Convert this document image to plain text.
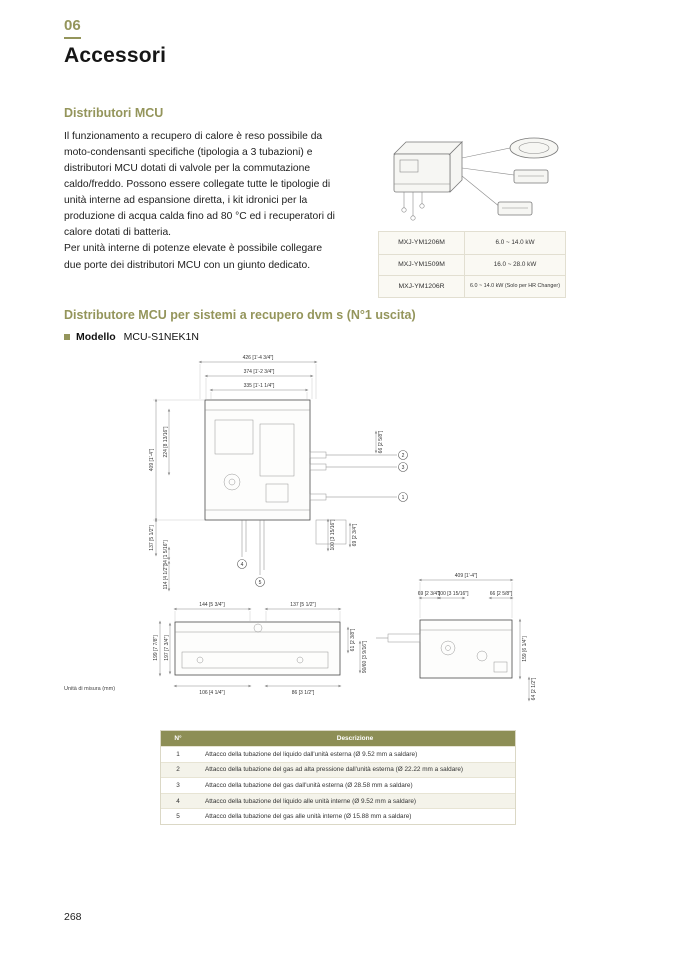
06
Accessori
Distributori MCU

Il funzionamento a recupero di calore è reso possibile da moto-condensanti specifiche (tipologia a 3 tubazioni) e distributori MCU dotati di valvole per la commutazione caldo/freddo. Possono essere collegate tutte le tipologie di unità interne ad espansione diretta, i kit idronici per la produzione di acqua calda fino ad 80 °C ed i recuperatori di calore dotati di batteria.

Per unità interne di potenze elevate è possibile collegare due porte dei distributori MCU con un giunto dedicato.

MXJ-YM1206M	6.0 ~ 14.0 kW
MXJ-YM1509M	16.0 ~ 28.0 kW
MXJ-YM1206R	6.0 ~ 14.0 kW (Solo per HR Changer)
Distributore MCU per sistemi a recupero dvm s (N°1 uscita)
Modello MCU-S1NEK1N
426 [1'-4 3/4"]
374 [1'-2 3/4"]
335 [1'-1 1/4"]
409 [1'-4"]
224 [8 13/16"]
137 [5 1/2"]
34 [1 5/16"]
114 [4 1/2"]
66 [2 5/8"]
100 [3 15/16"]	69 [2 3/4"]
2
3
1
4
5
144 [5 3/4"]	137 [5 1/2"]
199 [7 7/8"] 197 [7 3/4"]
106 [4 1/4"]	86 [3 1/2"]
61 [2 3/8"]
90/60 [3 9/16"]
409 [1'-4"]
69 [2 3/4"]
100 [3 15/16"]	66 [2 5/8"]
159 [6 1/4"]
64 [2 1/2"]
Unità di misura (mm)
N°	Descrizione
1	Attacco della tubazione del liquido dall'unità esterna (Ø 9.52 mm a saldare)
2	Attacco della tubazione del gas ad alta pressione dall'unità esterna (Ø 22.22 mm a saldare)
3	Attacco della tubazione del gas dall'unità esterna (Ø 28.58 mm a saldare)
4	Attacco della tubazione del liquido alle unità interne (Ø 9.52 mm a saldare)
5	Attacco della tubazione del gas alle unità interne (Ø 15.88 mm a saldare)
268
